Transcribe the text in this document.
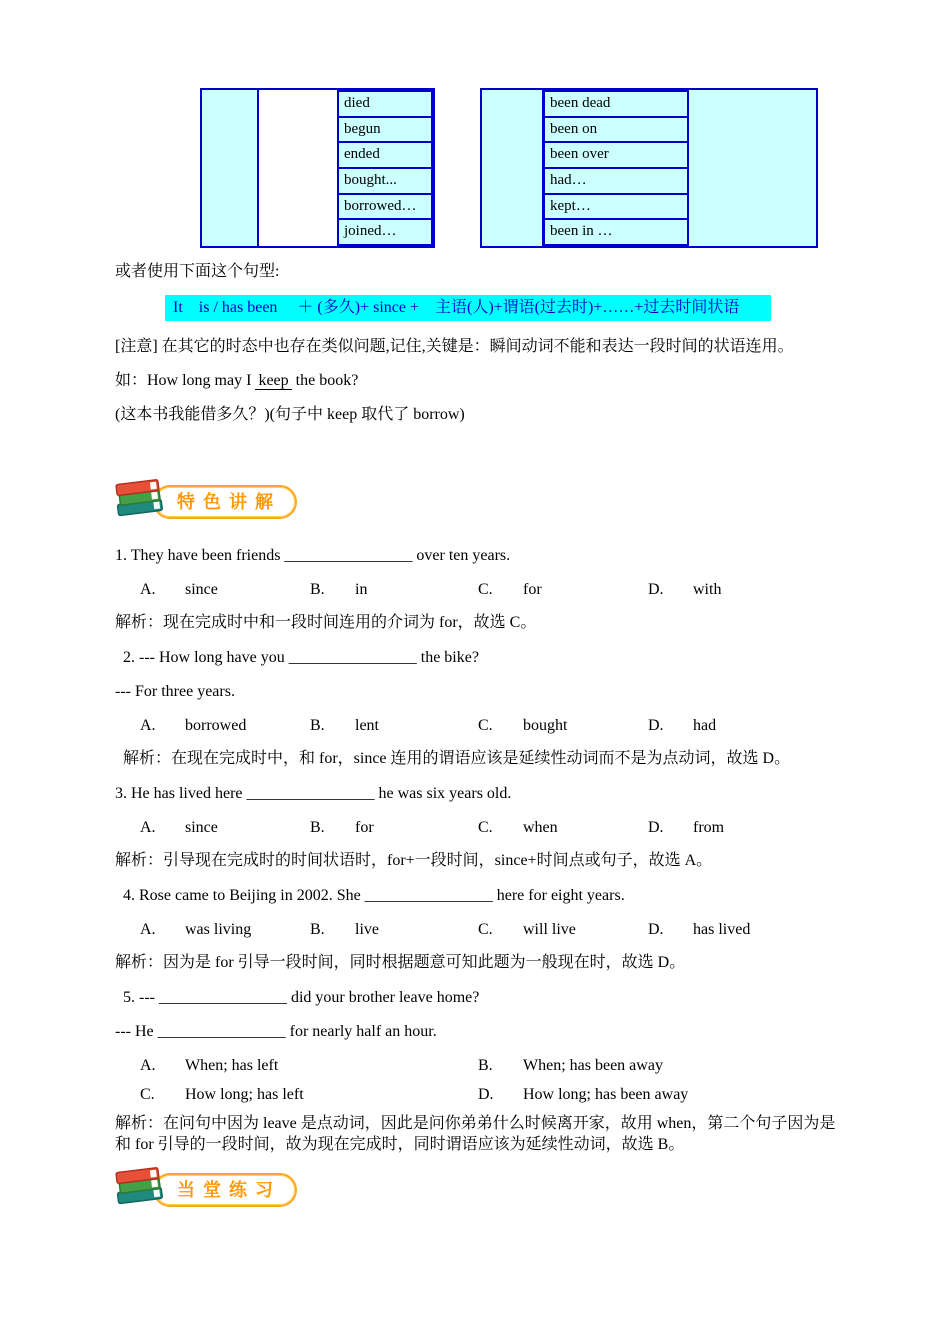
died
begun
ended
bought...
borrowed…
joined…
been dead
been on
been over
had…
kept…
been in …

或者使用下面这个句型:

It　is / has been　 ＋ (多久)+ since +　主语(人)+谓语(过去时)+……+过去时间状语

[注意] 在其它的时态中也存在类似问题,记住,关键是：瞬间动词不能和表达一段时间的状语连用。

如：How long may I keep the book?

(这本书我能借多久？)(句子中 keep 取代了 borrow)

特色讲解

1. They have been friends ________________ over ten years.

A.	since	B.	in	C.	for	D.	with

解析：现在完成时中和一段时间连用的介词为 for，故选 C。

2. --- How long have you ________________ the bike?

--- For three years.

A.	borrowed	B.	lent	C.	bought	D.	had

解析：在现在完成时中，和 for，since 连用的谓语应该是延续性动词而不是为点动词，故选 D。

3. He has lived here ________________ he was six years old.

A.	since	B.	for	C.	when	D.	from

解析：引导现在完成时的时间状语时，for+一段时间，since+时间点或句子，故选 A。

4. Rose came to Beijing in 2002. She ________________ here for eight years.

A.	was living	B.	live	C.	will live	D.	has lived

解析：因为是 for 引导一段时间，同时根据题意可知此题为一般现在时，故选 D。

5. --- ________________ did your brother leave home?

--- He ________________ for nearly half an hour.

A.	When; has left	B.	When; has been away
C.	How long; has left	D.	How long; has been away

解析：在问句中因为 leave 是点动词，因此是问你弟弟什么时候离开家，故用 when，第二个句子因为是和 for 引导的一段时间，故为现在完成时，同时谓语应该为延续性动词，故选 B。

当堂练习
